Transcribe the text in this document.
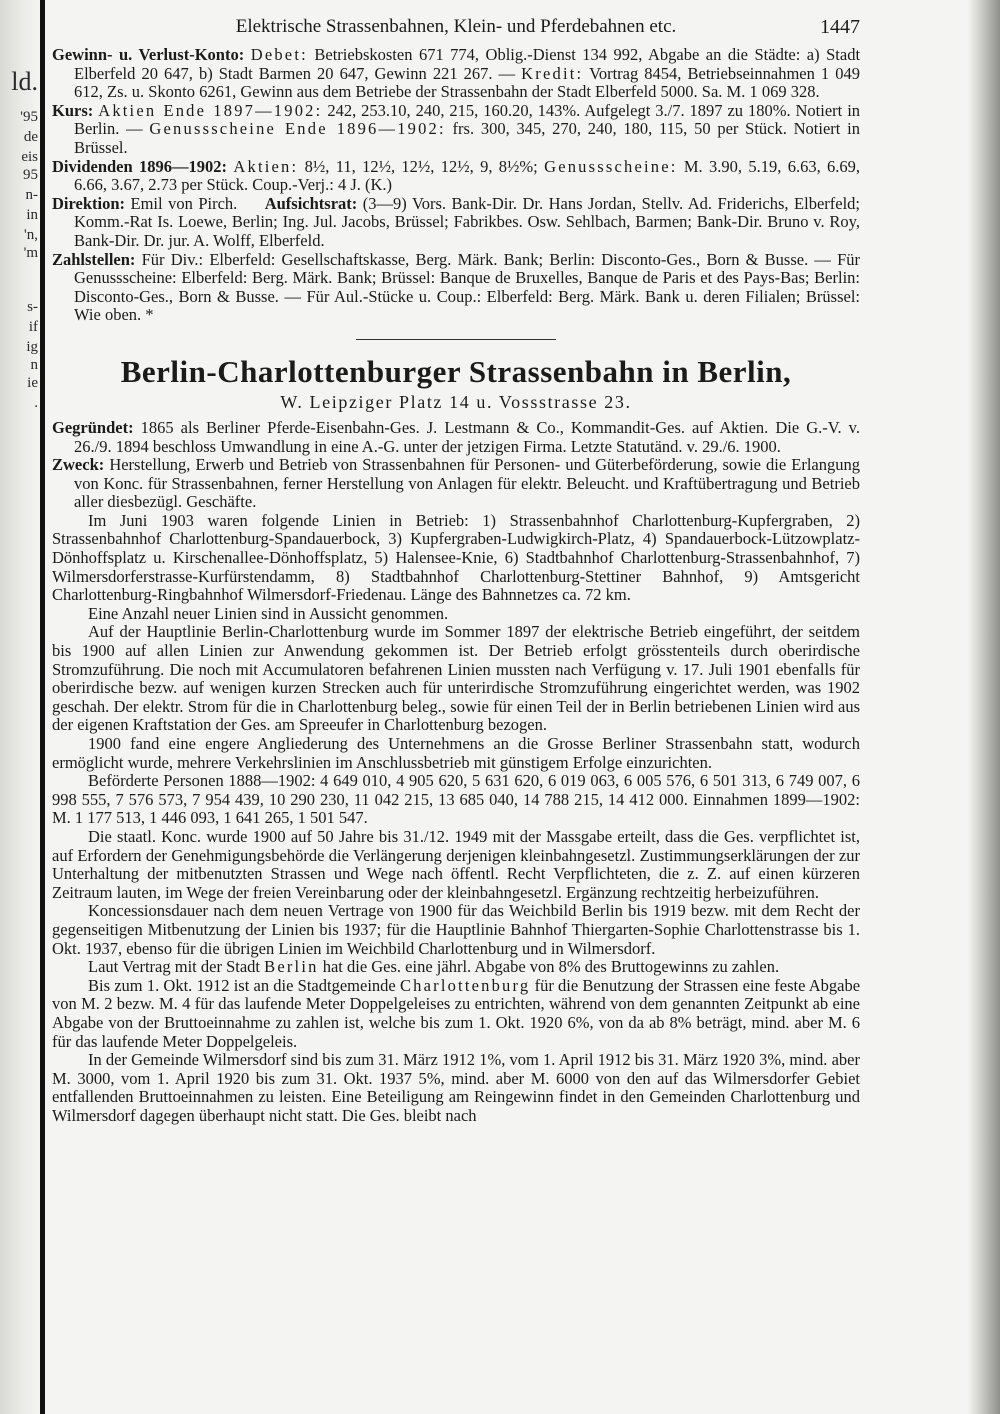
ld.
'95
de
eis
95
n-
in
'n,
'm
s-
if
ig
n
ie
.
Elektrische Strassenbahnen, Klein- und Pferdebahnen etc.	1447

Gewinn- u. Verlust-Konto: Debet: Betriebskosten 671 774, Oblig.-Dienst 134 992, Abgabe an die Städte: a) Stadt Elberfeld 20 647, b) Stadt Barmen 20 647, Gewinn 221 267. — Kredit: Vortrag 8454, Betriebseinnahmen 1 049 612, Zs. u. Skonto 6261, Gewinn aus dem Betriebe der Strassenbahn der Stadt Elberfeld 5000. Sa. M. 1 069 328.

Kurs: Aktien Ende 1897—1902: 242, 253.10, 240, 215, 160.20, 143%. Aufgelegt 3./7. 1897 zu 180%. Notiert in Berlin. — Genussscheine Ende 1896—1902: frs. 300, 345, 270, 240, 180, 115, 50 per Stück. Notiert in Brüssel.

Dividenden 1896—1902: Aktien: 8½, 11, 12½, 12½, 12½, 9, 8½%; Genussscheine: M. 3.90, 5.19, 6.63, 6.69, 6.66, 3.67, 2.73 per Stück. Coup.-Verj.: 4 J. (K.)

Direktion: Emil von Pirch. Aufsichtsrat: (3—9) Vors. Bank-Dir. Dr. Hans Jordan, Stellv. Ad. Friderichs, Elberfeld; Komm.-Rat Is. Loewe, Berlin; Ing. Jul. Jacobs, Brüssel; Fabrikbes. Osw. Sehlbach, Barmen; Bank-Dir. Bruno v. Roy, Bank-Dir. Dr. jur. A. Wolff, Elberfeld.

Zahlstellen: Für Div.: Elberfeld: Gesellschaftskasse, Berg. Märk. Bank; Berlin: Disconto-Ges., Born & Busse. — Für Genussscheine: Elberfeld: Berg. Märk. Bank; Brüssel: Banque de Bruxelles, Banque de Paris et des Pays-Bas; Berlin: Disconto-Ges., Born & Busse. — Für Aul.-Stücke u. Coup.: Elberfeld: Berg. Märk. Bank u. deren Filialen; Brüssel: Wie oben. *

Berlin-Charlottenburger Strassenbahn in Berlin,
W. Leipziger Platz 14 u. Vossstrasse 23.

Gegründet: 1865 als Berliner Pferde-Eisenbahn-Ges. J. Lestmann & Co., Kommandit-Ges. auf Aktien. Die G.-V. v. 26./9. 1894 beschloss Umwandlung in eine A.-G. unter der jetzigen Firma. Letzte Statutänd. v. 29./6. 1900.

Zweck: Herstellung, Erwerb und Betrieb von Strassenbahnen für Personen- und Güterbeförderung, sowie die Erlangung von Konc. für Strassenbahnen, ferner Herstellung von Anlagen für elektr. Beleucht. und Kraftübertragung und Betrieb aller diesbezügl. Geschäfte.

Im Juni 1903 waren folgende Linien in Betrieb: 1) Strassenbahnhof Charlottenburg-Kupfergraben, 2) Strassenbahnhof Charlottenburg-Spandauerbock, 3) Kupfergraben-Ludwigkirch-Platz, 4) Spandauerbock-Lützowplatz-Dönhoffsplatz u. Kirschenallee-Dönhoffsplatz, 5) Halensee-Knie, 6) Stadtbahnhof Charlottenburg-Strassenbahnhof, 7) Wilmersdorferstrasse-Kurfürstendamm, 8) Stadtbahnhof Charlottenburg-Stettiner Bahnhof, 9) Amtsgericht Charlottenburg-Ringbahnhof Wilmersdorf-Friedenau. Länge des Bahnnetzes ca. 72 km.

Eine Anzahl neuer Linien sind in Aussicht genommen.

Auf der Hauptlinie Berlin-Charlottenburg wurde im Sommer 1897 der elektrische Betrieb eingeführt, der seitdem bis 1900 auf allen Linien zur Anwendung gekommen ist. Der Betrieb erfolgt grösstenteils durch oberirdische Stromzuführung. Die noch mit Accumulatoren befahrenen Linien mussten nach Verfügung v. 17. Juli 1901 ebenfalls für oberirdische bezw. auf wenigen kurzen Strecken auch für unterirdische Stromzuführung eingerichtet werden, was 1902 geschah. Der elektr. Strom für die in Charlottenburg beleg., sowie für einen Teil der in Berlin betriebenen Linien wird aus der eigenen Kraftstation der Ges. am Spreeufer in Charlottenburg bezogen.

1900 fand eine engere Angliederung des Unternehmens an die Grosse Berliner Strassenbahn statt, wodurch ermöglicht wurde, mehrere Verkehrslinien im Anschlussbetrieb mit günstigem Erfolge einzurichten.

Beförderte Personen 1888—1902: 4 649 010, 4 905 620, 5 631 620, 6 019 063, 6 005 576, 6 501 313, 6 749 007, 6 998 555, 7 576 573, 7 954 439, 10 290 230, 11 042 215, 13 685 040, 14 788 215, 14 412 000. Einnahmen 1899—1902: M. 1 177 513, 1 446 093, 1 641 265, 1 501 547.

Die staatl. Konc. wurde 1900 auf 50 Jahre bis 31./12. 1949 mit der Massgabe erteilt, dass die Ges. verpflichtet ist, auf Erfordern der Genehmigungsbehörde die Verlängerung derjenigen kleinbahngesetzl. Zustimmungserklärungen der zur Unterhaltung der mitbenutzten Strassen und Wege nach öffentl. Recht Verpflichteten, die z. Z. auf einen kürzeren Zeitraum lauten, im Wege der freien Vereinbarung oder der kleinbahngesetzl. Ergänzung rechtzeitig herbeizuführen.

Koncessionsdauer nach dem neuen Vertrage von 1900 für das Weichbild Berlin bis 1919 bezw. mit dem Recht der gegenseitigen Mitbenutzung der Linien bis 1937; für die Hauptlinie Bahnhof Thiergarten-Sophie Charlottenstrasse bis 1. Okt. 1937, ebenso für die übrigen Linien im Weichbild Charlottenburg und in Wilmersdorf.

Laut Vertrag mit der Stadt Berlin hat die Ges. eine jährl. Abgabe von 8% des Bruttogewinns zu zahlen.

Bis zum 1. Okt. 1912 ist an die Stadtgemeinde Charlottenburg für die Benutzung der Strassen eine feste Abgabe von M. 2 bezw. M. 4 für das laufende Meter Doppelgeleises zu entrichten, während von dem genannten Zeitpunkt ab eine Abgabe von der Bruttoeinnahme zu zahlen ist, welche bis zum 1. Okt. 1920 6%, von da ab 8% beträgt, mind. aber M. 6 für das laufende Meter Doppelgeleis.

In der Gemeinde Wilmersdorf sind bis zum 31. März 1912 1%, vom 1. April 1912 bis 31. März 1920 3%, mind. aber M. 3000, vom 1. April 1920 bis zum 31. Okt. 1937 5%, mind. aber M. 6000 von den auf das Wilmersdorfer Gebiet entfallenden Bruttoeinnahmen zu leisten. Eine Beteiligung am Reingewinn findet in den Gemeinden Charlottenburg und Wilmersdorf dagegen überhaupt nicht statt. Die Ges. bleibt nach
